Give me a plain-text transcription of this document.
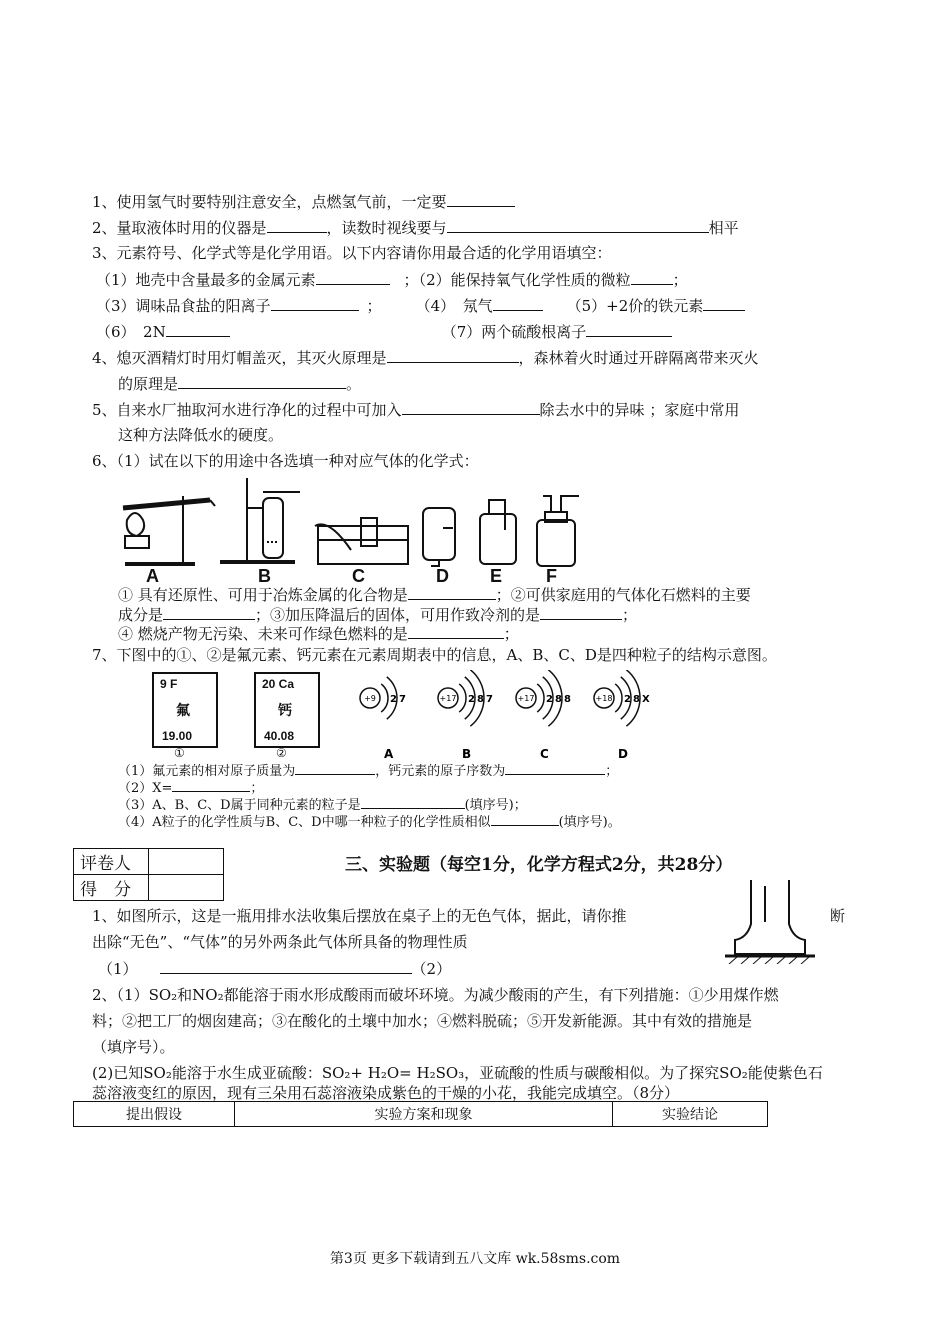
1、使用氢气时要特别注意安全，点燃氢气前，一定要
2、量取液体时用的仪器是	，读数时视线要与	相平
3、元素符号、化学式等是化学用语。以下内容请你用最合适的化学用语填空：
（1）地壳中含量最多的金属元素	；（2）能保持氧气化学性质的微粒	；
（3）调味品食盐的阳离子	； （4）　氖气	（5）+2价的铁元素
（6）　2N	（7）两个硫酸根离子
4、熄灭酒精灯时用灯帽盖灭，其灭火原理是	，森林着火时通过开辟隔离带来灭火
的原理是	。
5、自来水厂抽取河水进行净化的过程中可加入	除去水中的异味 ；家庭中常用
这种方法降低水的硬度。
6、（1）试在以下的用途中各选填一种对应气体的化学式：
A	B	C	D E F
① 具有还原性、可用于冶炼金属的化合物是	；②可供家庭用的气体化石燃料的主要
成分是	；③加压降温后的固体，可用作致冷剂的是	；
④ 燃烧产物无污染、未来可作绿色燃料的是	；
7、下图中的①、②是氟元素、钙元素在元素周期表中的信息，A、B、C、D是四种粒子的结构示意图。
9 F
氟
19.00
①
20 Ca
钙
40.08
②
+9 2 7
A
+17 2 8 7
B
+17 2 8 8
C
+18 2 8 X
D
（1）氟元素的相对原子质量为	，钙元素的原子序数为	；
（2）X=	；
（3）A、B、C、D属于同种元素的粒子是	(填序号)；
（4）A粒子的化学性质与B、C、D中哪一种粒子的化学性质相似	(填序号)。
评卷人	
得　分	
三、实验题（每空1分，化学方程式2分，共28分）
1、如图所示，这是一瓶用排水法收集后摆放在桌子上的无色气体，据此，请你推	断
出除“无色”、“气体”的另外两条此气体所具备的物理性质
（1）	（2）
2、（1）SO₂和NO₂都能溶于雨水形成酸雨而破坏环境。为减少酸雨的产生，有下列措施：①少用煤作燃
料；②把工厂的烟囱建高；③在酸化的土壤中加水；④燃料脱硫；⑤开发新能源。其中有效的措施是
（填序号）。
(2)已知SO₂能溶于水生成亚硫酸：SO₂+ H₂O= H₂SO₃，亚硫酸的性质与碳酸相似。为了探究SO₂能使紫色石
蕊溶液变红的原因，现有三朵用石蕊溶液染成紫色的干燥的小花，我能完成填空。（8分）
提出假设	实验方案和现象	实验结论
第3页 更多下载请到五八文库 wk.58sms.com
